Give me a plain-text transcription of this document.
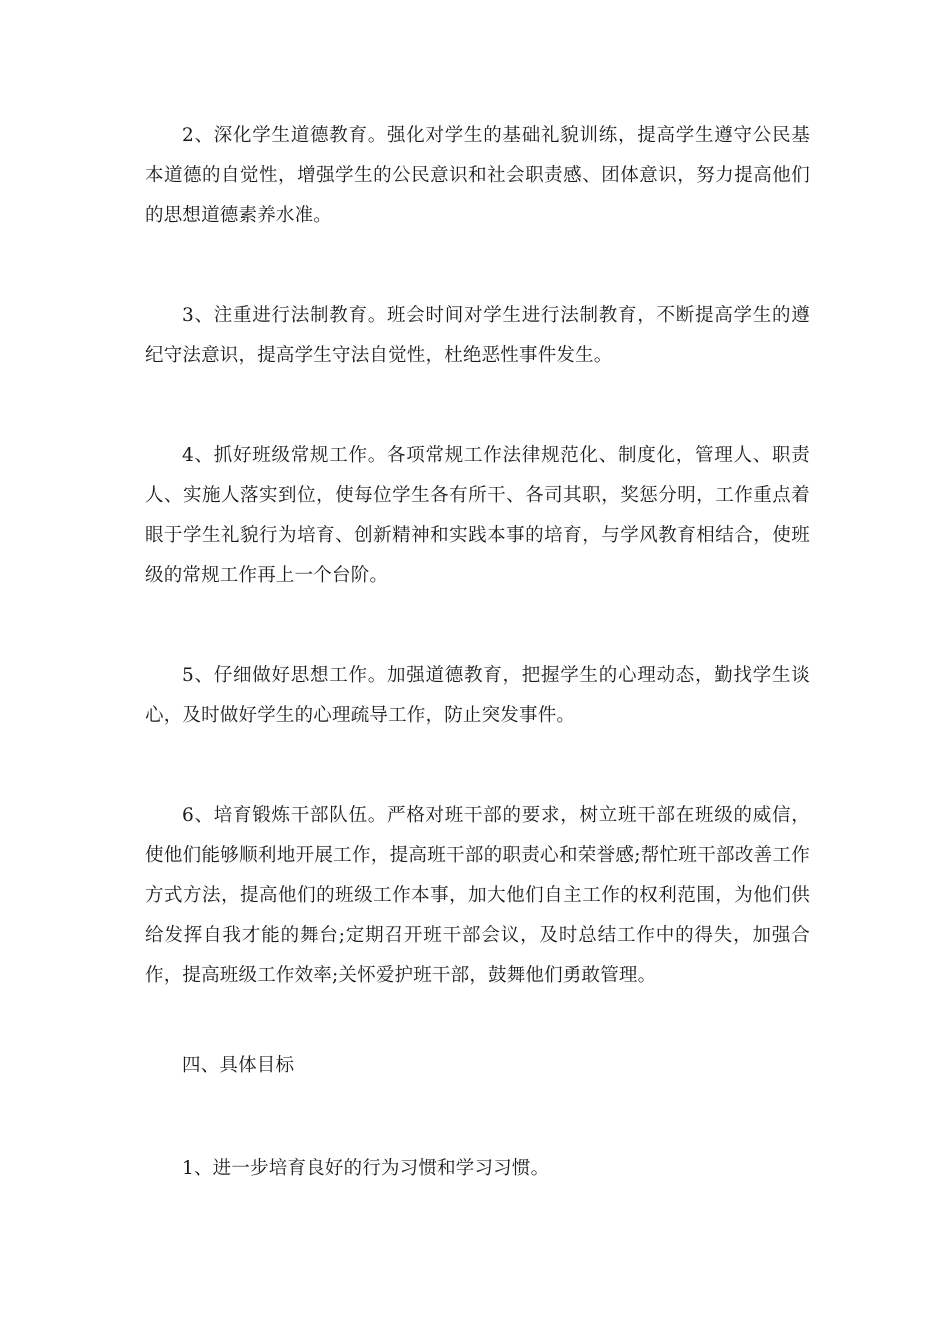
2、深化学生道德教育。强化对学生的基础礼貌训练，提高学生遵守公民基本道德的自觉性，增强学生的公民意识和社会职责感、团体意识，努力提高他们的思想道德素养水准。

3、注重进行法制教育。班会时间对学生进行法制教育，不断提高学生的遵纪守法意识，提高学生守法自觉性，杜绝恶性事件发生。

4、抓好班级常规工作。各项常规工作法律规范化、制度化，管理人、职责人、实施人落实到位，使每位学生各有所干、各司其职，奖惩分明，工作重点着眼于学生礼貌行为培育、创新精神和实践本事的培育，与学风教育相结合，使班级的常规工作再上一个台阶。

5、仔细做好思想工作。加强道德教育，把握学生的心理动态，勤找学生谈心，及时做好学生的心理疏导工作，防止突发事件。

6、培育锻炼干部队伍。严格对班干部的要求，树立班干部在班级的威信，使他们能够顺利地开展工作，提高班干部的职责心和荣誉感;帮忙班干部改善工作方式方法，提高他们的班级工作本事，加大他们自主工作的权利范围，为他们供给发挥自我才能的舞台;定期召开班干部会议，及时总结工作中的得失，加强合作，提高班级工作效率;关怀爱护班干部，鼓舞他们勇敢管理。

四、具体目标

1、进一步培育良好的行为习惯和学习习惯。
